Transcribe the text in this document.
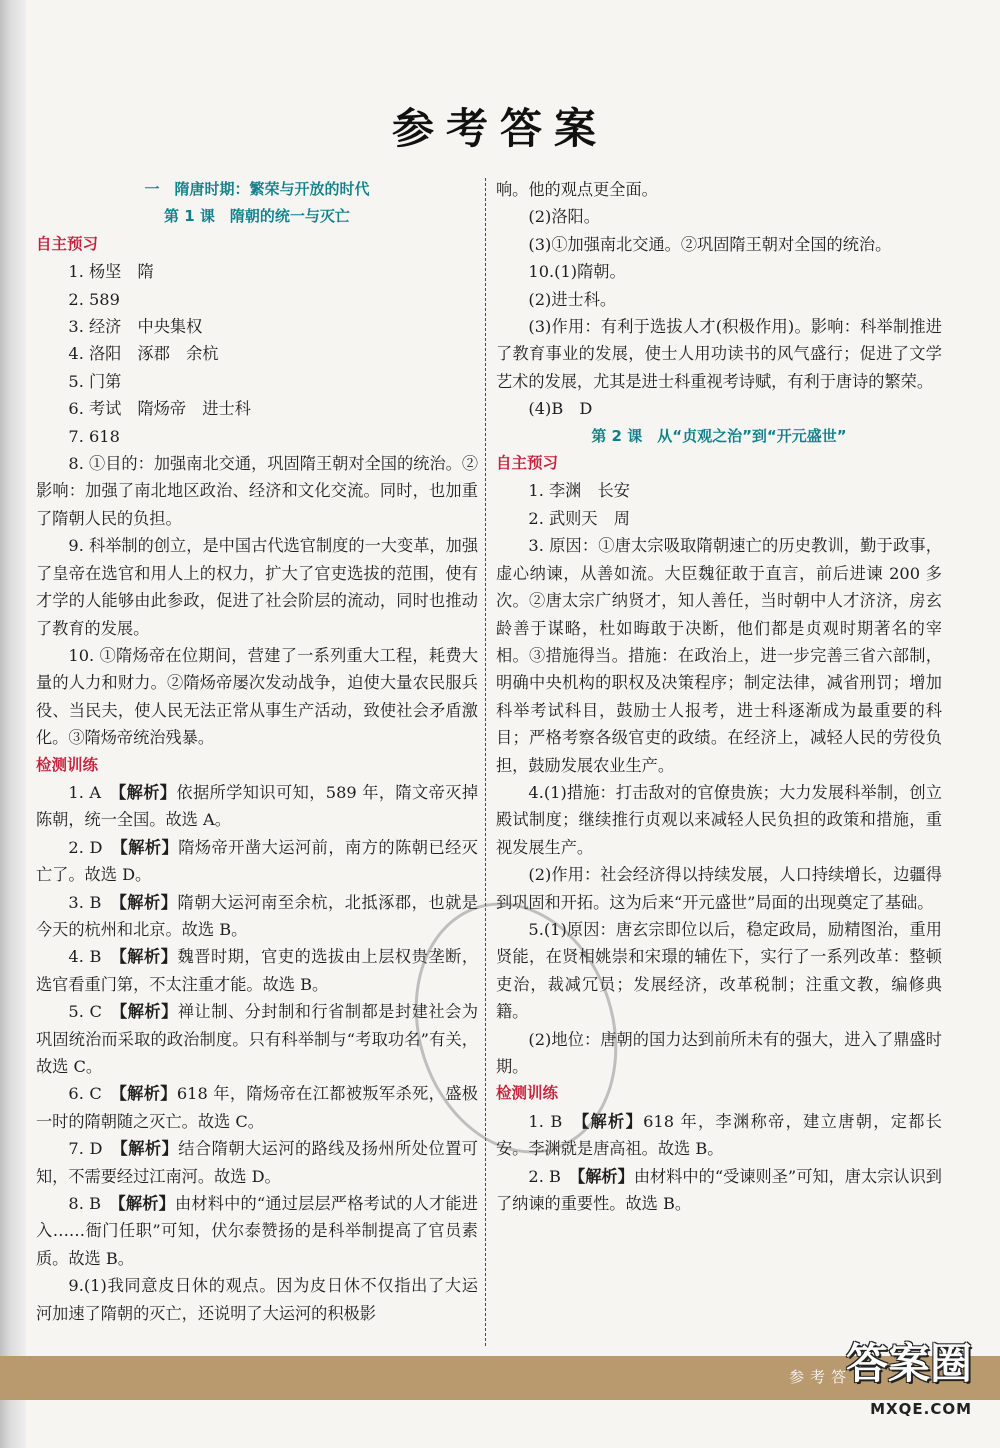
参考答案
一　隋唐时期：繁荣与开放的时代
第 1 课　隋朝的统一与灭亡
自主预习
1. 杨坚　隋
2. 589
3. 经济　中央集权
4. 洛阳　涿郡　余杭
5. 门第
6. 考试　隋炀帝　进士科
7. 618
8. ①目的：加强南北交通，巩固隋王朝对全国的统治。②影响：加强了南北地区政治、经济和文化交流。同时，也加重了隋朝人民的负担。
9. 科举制的创立，是中国古代选官制度的一大变革，加强了皇帝在选官和用人上的权力，扩大了官吏选拔的范围，使有才学的人能够由此参政，促进了社会阶层的流动，同时也推动了教育的发展。
10. ①隋炀帝在位期间，营建了一系列重大工程，耗费大量的人力和财力。②隋炀帝屡次发动战争，迫使大量农民服兵役、当民夫，使人民无法正常从事生产活动，致使社会矛盾激化。③隋炀帝统治残暴。
检测训练
1. A　 【解析】依据所学知识可知，589 年，隋文帝灭掉陈朝，统一全国。故选 A。
2. D　 【解析】隋炀帝开凿大运河前，南方的陈朝已经灭亡了。故选 D。
3. B　 【解析】隋朝大运河南至余杭，北抵涿郡，也就是今天的杭州和北京。故选 B。
4. B　 【解析】魏晋时期，官吏的选拔由上层权贵垄断，选官看重门第，不太注重才能。故选 B。
5. C　 【解析】禅让制、分封制和行省制都是封建社会为巩固统治而采取的政治制度。只有科举制与“考取功名”有关，故选 C。
6. C　 【解析】618 年，隋炀帝在江都被叛军杀死，盛极一时的隋朝随之灭亡。故选 C。
7. D　 【解析】结合隋朝大运河的路线及扬州所处位置可知，不需要经过江南河。故选 D。
8. B　 【解析】由材料中的“通过层层严格考试的人才能进入……衙门任职”可知，伏尔泰赞扬的是科举制提高了官员素质。故选 B。
9.(1)我同意皮日休的观点。因为皮日休不仅指出了大运河加速了隋朝的灭亡，还说明了大运河的积极影
响。他的观点更全面。
(2)洛阳。
(3)①加强南北交通。②巩固隋王朝对全国的统治。
10.(1)隋朝。
(2)进士科。
(3)作用：有利于选拔人才(积极作用)。影响：科举制推进了教育事业的发展，使士人用功读书的风气盛行；促进了文学艺术的发展，尤其是进士科重视考诗赋，有利于唐诗的繁荣。
(4)B　D
第 2 课　从“贞观之治”到“开元盛世”
自主预习
1. 李渊　长安
2. 武则天　周
3. 原因：①唐太宗吸取隋朝速亡的历史教训，勤于政事，虚心纳谏，从善如流。大臣魏征敢于直言，前后进谏 200 多次。②唐太宗广纳贤才，知人善任，当时朝中人才济济，房玄龄善于谋略，杜如晦敢于决断，他们都是贞观时期著名的宰相。③措施得当。措施：在政治上，进一步完善三省六部制，明确中央机构的职权及决策程序；制定法律，减省刑罚；增加科举考试科目，鼓励士人报考，进士科逐渐成为最重要的科目；严格考察各级官吏的政绩。在经济上，减轻人民的劳役负担，鼓励发展农业生产。
4.(1)措施：打击敌对的官僚贵族；大力发展科举制，创立殿试制度；继续推行贞观以来减轻人民负担的政策和措施，重视发展生产。
(2)作用：社会经济得以持续发展，人口持续增长，边疆得到巩固和开拓。这为后来“开元盛世”局面的出现奠定了基础。
5.(1)原因：唐玄宗即位以后，稳定政局，励精图治，重用贤能，在贤相姚崇和宋璟的辅佐下，实行了一系列改革：整顿吏治，裁减冗员；发展经济，改革税制；注重文教，编修典籍。
(2)地位：唐朝的国力达到前所未有的强大，进入了鼎盛时期。
检测训练
1. B　 【解析】618 年，李渊称帝，建立唐朝，定都长安。李渊就是唐高祖。故选 B。
2. B　 【解析】由材料中的“受谏则圣”可知，唐太宗认识到了纳谏的重要性。故选 B。
参考答
答案圈
MXQE.COM
